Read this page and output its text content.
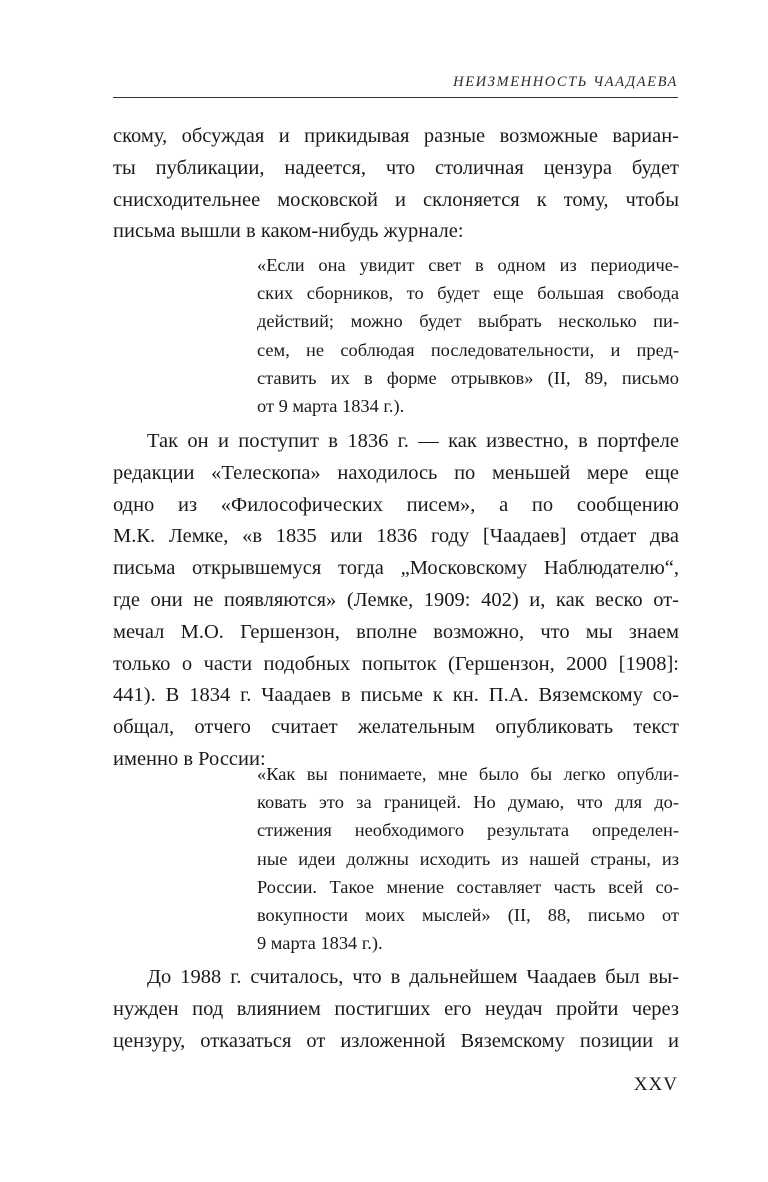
НЕИЗМЕННОСТЬ ЧААДАЕВА
скому, обсуждая и прикидывая разные возможные вариан-
ты публикации, надеется, что столичная цензура будет
снисходительнее московской и склоняется к тому, чтобы
письма вышли в каком-нибудь журнале:
«Если она увидит свет в одном из периодиче-
ских сборников, то будет еще большая свобода
действий; можно будет выбрать несколько пи-
сем, не соблюдая последовательности, и пред-
ставить их в форме отрывков» (II, 89, письмо
от 9 марта 1834 г.).
Так он и поступит в 1836 г. — как известно, в портфеле
редакции «Телескопа» находилось по меньшей мере еще
одно из «Философических писем», а по сообщению
М.К. Лемке, «в 1835 или 1836 году [Чаадаев] отдает два
письма открывшемуся тогда „Московскому Наблюдателю“,
где они не появляются» (Лемке, 1909: 402) и, как веско от-
мечал М.О. Гершензон, вполне возможно, что мы знаем
только о части подобных попыток (Гершензон, 2000 [1908]:
441). В 1834 г. Чаадаев в письме к кн. П.А. Вяземскому со-
общал, отчего считает желательным опубликовать текст
именно в России:
«Как вы понимаете, мне было бы легко опубли-
ковать это за границей. Но думаю, что для до-
стижения необходимого результата определен-
ные идеи должны исходить из нашей страны, из
России. Такое мнение составляет часть всей со-
вокупности моих мыслей» (II, 88, письмо от
9 марта 1834 г.).
До 1988 г. считалось, что в дальнейшем Чаадаев был вы-
нужден под влиянием постигших его неудач пройти через
цензуру, отказаться от изложенной Вяземскому позиции и
XXV
